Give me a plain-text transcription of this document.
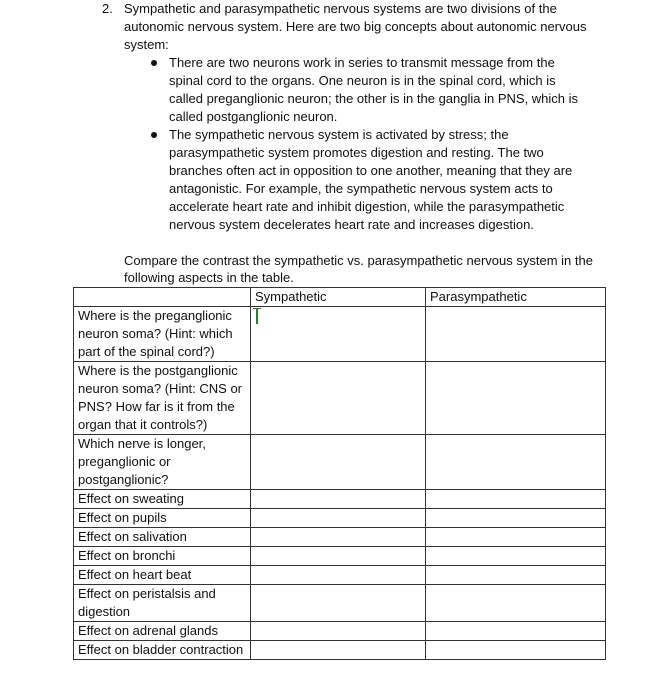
2. Sympathetic and parasympathetic nervous systems are two divisions of the autonomic nervous system. Here are two big concepts about autonomic nervous system:
There are two neurons work in series to transmit message from the spinal cord to the organs. One neuron is in the spinal cord, which is called preganglionic neuron; the other is in the ganglia in PNS, which is called postganglionic neuron.
The sympathetic nervous system is activated by stress; the parasympathetic system promotes digestion and resting. The two branches often act in opposition to one another, meaning that they are antagonistic. For example, the sympathetic nervous system acts to accelerate heart rate and inhibit digestion, while the parasympathetic nervous system decelerates heart rate and increases digestion.
Compare the contrast the sympathetic vs. parasympathetic nervous system in the following aspects in the table.
	Sympathetic	Parasympathetic
Where is the preganglionic neuron soma? (Hint: which part of the spinal cord?)	

Where is the postganglionic neuron soma? (Hint: CNS or PNS? How far is it from the organ that it controls?)		
Which nerve is longer, preganglionic or postganglionic?		
Effect on sweating		
Effect on pupils		
Effect on salivation		
Effect on bronchi		
Effect on heart beat		
Effect on peristalsis and digestion		
Effect on adrenal glands		
Effect on bladder contraction		
